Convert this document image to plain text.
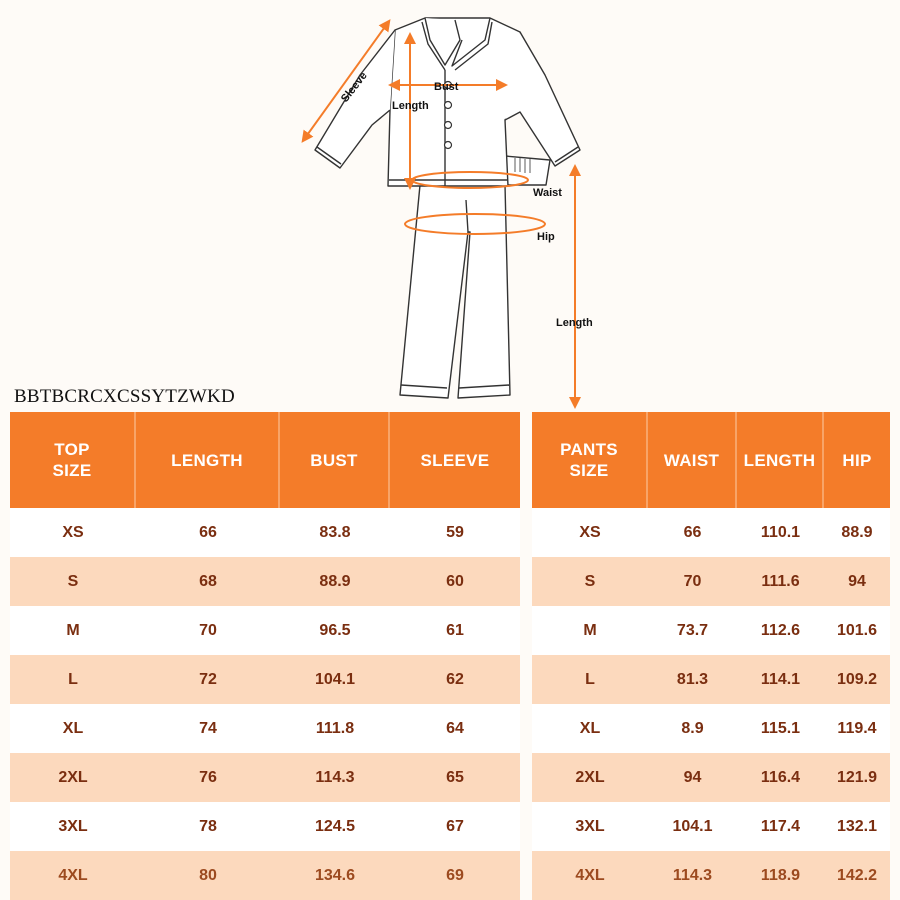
Sleeve	Bust
Length
Waist
Hip
Length
BBTBCRCXCSSYTZWKD
TOP
SIZE
LENGTH	BUST	SLEEVE
XS	66	83.8	59
S	68	88.9	60
M	70	96.5	61
L	72	104.1	62
XL	74	111.8	64
2XL	76	114.3	65
3XL	78	124.5	67
4XL	80	134.6	69
PANTS
SIZE
WAIST	LENGTH	HIP
XS	66	110.1	88.9
S	70	111.6	94
M	73.7	112.6	101.6
L	81.3	114.1	109.2
XL	8.9	115.1	119.4
2XL	94	116.4	121.9
3XL	104.1	117.4	132.1
4XL	114.3	118.9	142.2
